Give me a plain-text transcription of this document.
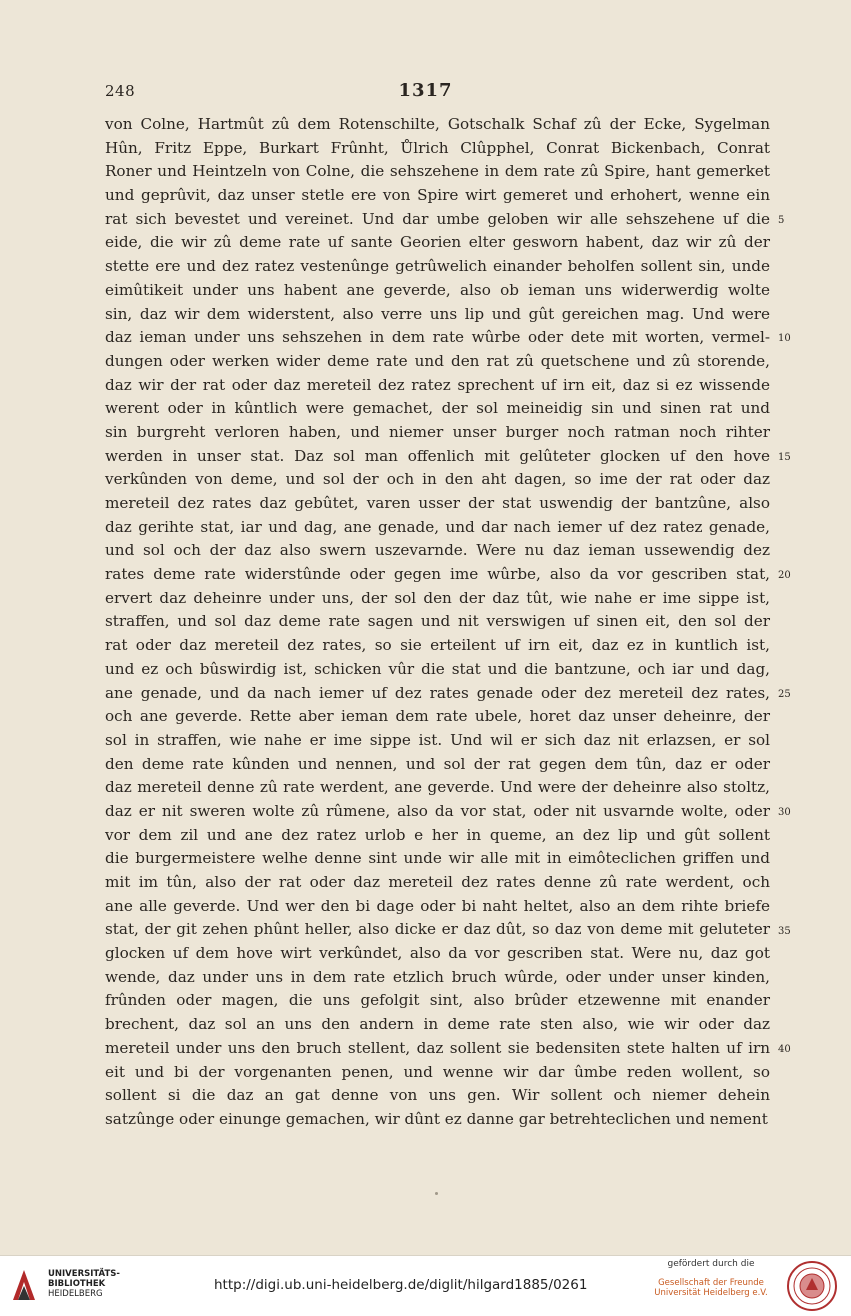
248	1317
von Colne, Hartmût zû dem Rotenschilte, Gotschalk Schaf zû der Ecke, Sygelman
Hûn, Fritz Eppe, Burkart Frûnht, Ůlrich Clûpphel, Conrat Bickenbach, Conrat
Roner und Heintzeln von Colne, die sehszehene in dem rate zû Spire, hant gemerket
und geprûvit, daz unser stetle ere von Spire wirt gemeret und erhohert, wenne ein
rat sich bevestet und vereinet. Und dar umbe geloben wir alle sehszehene uf die
eide, die wir zû deme rate uf sante Georien elter gesworn habent, daz wir zû der
stette ere und dez ratez vestenûnge getrûwelich einander beholfen sollent sin, unde
eimûtikeit under uns habent ane geverde, also ob ieman uns widerwerdig wolte
sin, daz wir dem widerstent, also verre uns lip und gût gereichen mag. Und were
daz ieman under uns sehszehen in dem rate wûrbe oder dete mit worten, vermel-
dungen oder werken wider deme rate und den rat zû quetschene und zû storende,
daz wir der rat oder daz mereteil dez ratez sprechent uf irn eit, daz si ez wissende
werent oder in kûntlich were gemachet, der sol meineidig sin und sinen rat und
sin burgreht verloren haben, und niemer unser burger noch ratman noch rihter
werden in unser stat. Daz sol man offenlich mit gelûteter glocken uf den hove
verkûnden von deme, und sol der och in den aht dagen, so ime der rat oder daz
mereteil dez rates daz gebûtet, varen usser der stat uswendig der bantzûne, also
daz gerihte stat, iar und dag, ane genade, und dar nach iemer uf dez ratez genade,
und sol och der daz also swern uszevarnde. Were nu daz ieman ussewendig dez
rates deme rate widerstûnde oder gegen ime wûrbe, also da vor gescriben stat,
ervert daz deheinre under uns, der sol den der daz tût, wie nahe er ime sippe ist,
straffen, und sol daz deme rate sagen und nit verswigen uf sinen eit, den sol der
rat oder daz mereteil dez rates, so sie erteilent uf irn eit, daz ez in kuntlich ist,
und ez och bûswirdig ist, schicken vûr die stat und die bantzune, och iar und dag,
ane genade, und da nach iemer uf dez rates genade oder dez mereteil dez rates,
och ane geverde. Rette aber ieman dem rate ubele, horet daz unser deheinre, der
sol in straffen, wie nahe er ime sippe ist. Und wil er sich daz nit erlazsen, er sol
den deme rate kûnden und nennen, und sol der rat gegen dem tûn, daz er oder
daz mereteil denne zû rate werdent, ane geverde. Und were der deheinre also stoltz,
daz er nit sweren wolte zû rûmene, also da vor stat, oder nit usvarnde wolte, oder
vor dem zil und ane dez ratez urlob e her in queme, an dez lip und gût sollent
die burgermeistere welhe denne sint unde wir alle mit in eimôteclichen griffen und
mit im tûn, also der rat oder daz mereteil dez rates denne zû rate werdent, och
ane alle geverde. Und wer den bi dage oder bi naht heltet, also an dem rihte briefe
stat, der git zehen phûnt heller, also dicke er daz dût, so daz von deme mit geluteter
glocken uf dem hove wirt verkûndet, also da vor gescriben stat. Were nu, daz got
wende, daz under uns in dem rate etzlich bruch wûrde, oder under unser kinden,
frûnden oder magen, die uns gefolgit sint, also brûder etzewenne mit enander
brechent, daz sol an uns den andern in deme rate sten also, wie wir oder daz
mereteil under uns den bruch stellent, daz sollent sie bedensiten stete halten uf irn
eit und bi der vorgenanten penen, und wenne wir dar ûmbe reden wollent, so
sollent si die daz an gat denne von uns gen. Wir sollent och niemer dehein
satzûnge oder einunge gemachen, wir dûnt ez danne gar betrehteclichen und nement
5
10
15
20
25
30
35
40
UNIVERSITÄTS-
BIBLIOTHEK
HEIDELBERG
http://digi.ub.uni-heidelberg.de/diglit/hilgard1885/0261
gefördert durch die
Gesellschaft der Freunde
Universität Heidelberg e.V.
